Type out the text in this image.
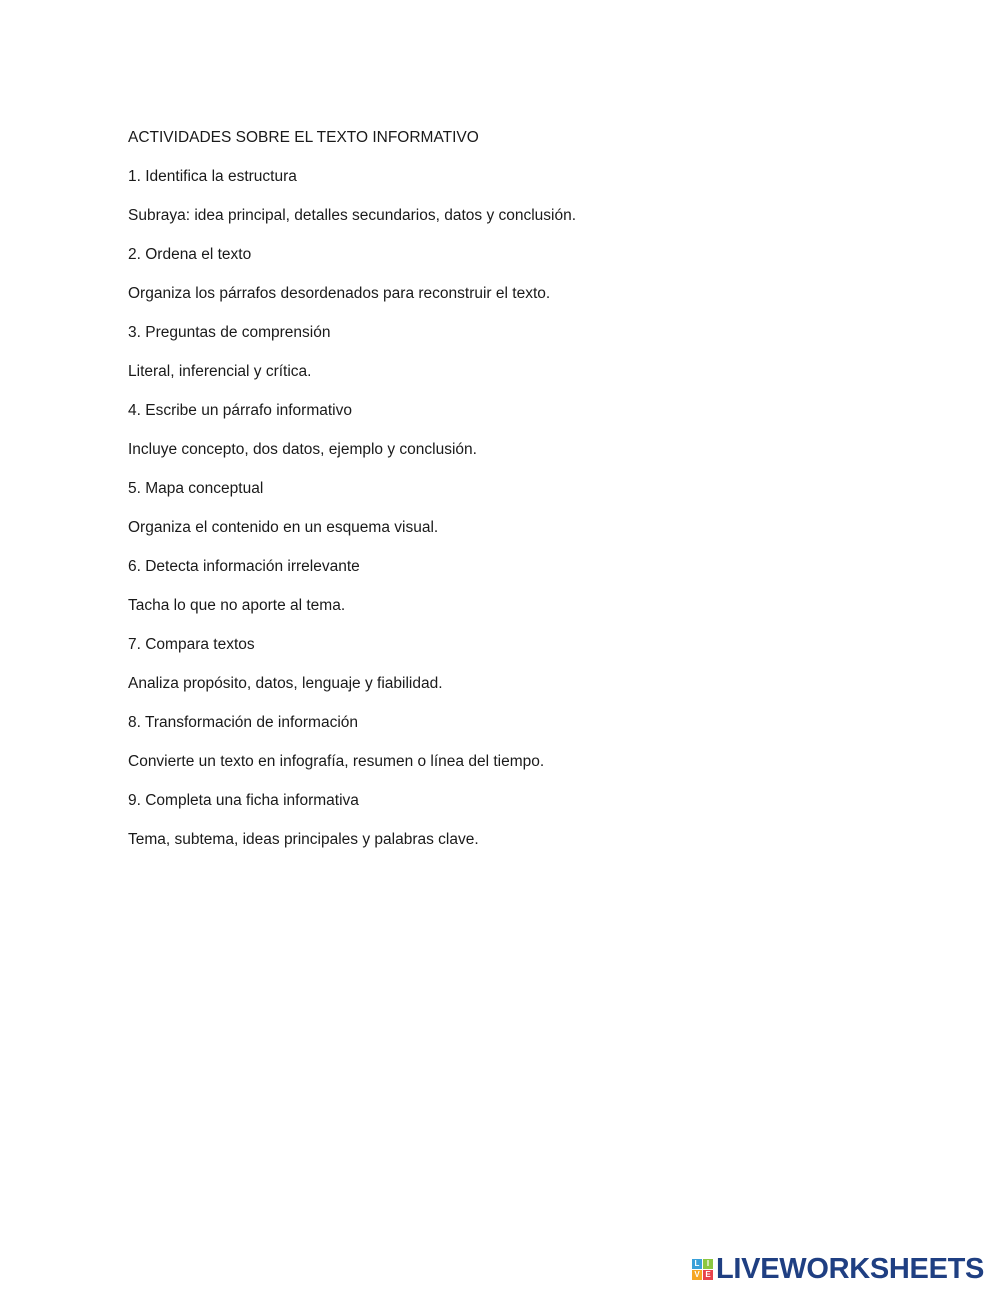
ACTIVIDADES SOBRE EL TEXTO INFORMATIVO
1. Identifica la estructura
Subraya: idea principal, detalles secundarios, datos y conclusión.
2. Ordena el texto
Organiza los párrafos desordenados para reconstruir el texto.
3. Preguntas de comprensión
Literal, inferencial y crítica.
4. Escribe un párrafo informativo
Incluye concepto, dos datos, ejemplo y conclusión.
5. Mapa conceptual
Organiza el contenido en un esquema visual.
6. Detecta información irrelevante
Tacha lo que no aporte al tema.
7. Compara textos
Analiza propósito, datos, lenguaje y fiabilidad.
8. Transformación de información
Convierte un texto en infografía, resumen o línea del tiempo.
9. Completa una ficha informativa
Tema, subtema, ideas principales y palabras clave.
L I
V E LIVEWORKSHEETS
